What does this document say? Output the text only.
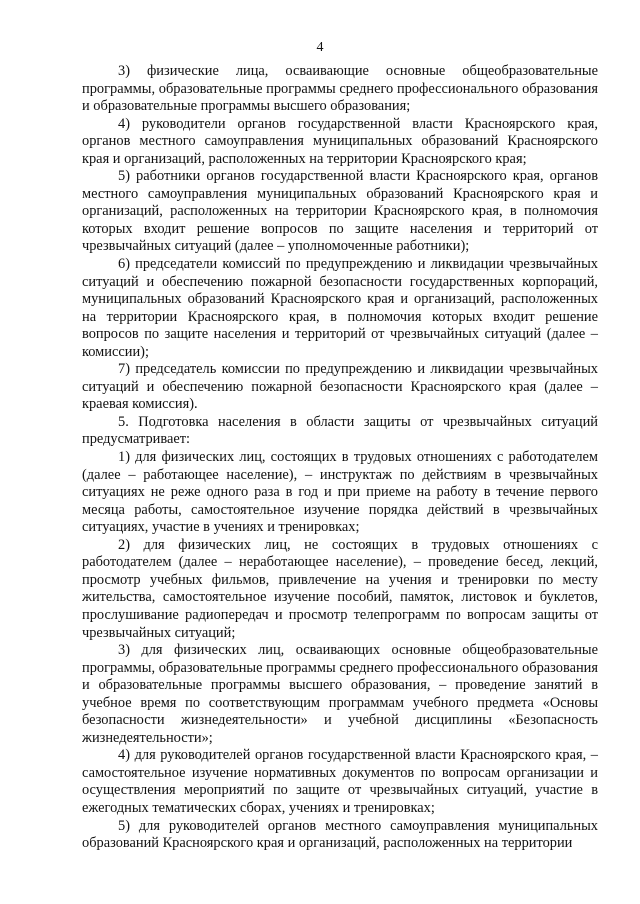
4

3) физические лица, осваивающие основные общеобразовательные программы, образовательные программы среднего профессионального образования и образовательные программы высшего образования;

4) руководители органов государственной власти Красноярского края, органов местного самоуправления муниципальных образований Красноярского края и организаций, расположенных на территории Красноярского края;

5) работники органов государственной власти Красноярского края, органов местного самоуправления муниципальных образований Красноярского края и организаций, расположенных на территории Красноярского края, в полномочия которых входит решение вопросов по защите населения и территорий от чрезвычайных ситуаций (далее – уполномоченные работники);

6) председатели комиссий по предупреждению и ликвидации чрезвычайных ситуаций и обеспечению пожарной безопасности государственных корпораций, муниципальных образований Красноярского края и организаций, расположенных на территории Красноярского края, в полномочия которых входит решение вопросов по защите населения и территорий от чрезвычайных ситуаций (далее – комиссии);

7) председатель комиссии по предупреждению и ликвидации чрезвычайных ситуаций и обеспечению пожарной безопасности Красноярского края (далее – краевая комиссия).

5. Подготовка населения в области защиты от чрезвычайных ситуаций предусматривает:

1) для физических лиц, состоящих в трудовых отношениях с работодателем (далее – работающее население), – инструктаж по действиям в чрезвычайных ситуациях не реже одного раза в год и при приеме на работу в течение первого месяца работы, самостоятельное изучение порядка действий в чрезвычайных ситуациях, участие в учениях и тренировках;

2) для физических лиц, не состоящих в трудовых отношениях с работодателем (далее – неработающее население), – проведение бесед, лекций, просмотр учебных фильмов, привлечение на учения и тренировки по месту жительства, самостоятельное изучение пособий, памяток, листовок и буклетов, прослушивание радиопередач и просмотр телепрограмм по вопросам защиты от чрезвычайных ситуаций;

3) для физических лиц, осваивающих основные общеобразовательные программы, образовательные программы среднего профессионального образования и образовательные программы высшего образования, – проведение занятий в учебное время по соответствующим программам учебного предмета «Основы безопасности жизнедеятельности» и учебной дисциплины «Безопасность жизнедеятельности»;

4) для руководителей органов государственной власти Красноярского края, – самостоятельное изучение нормативных документов по вопросам организации и осуществления мероприятий по защите от чрезвычайных ситуаций, участие в ежегодных тематических сборах, учениях и тренировках;

5) для руководителей органов местного самоуправления муниципальных образований Красноярского края и организаций, расположенных на территории
